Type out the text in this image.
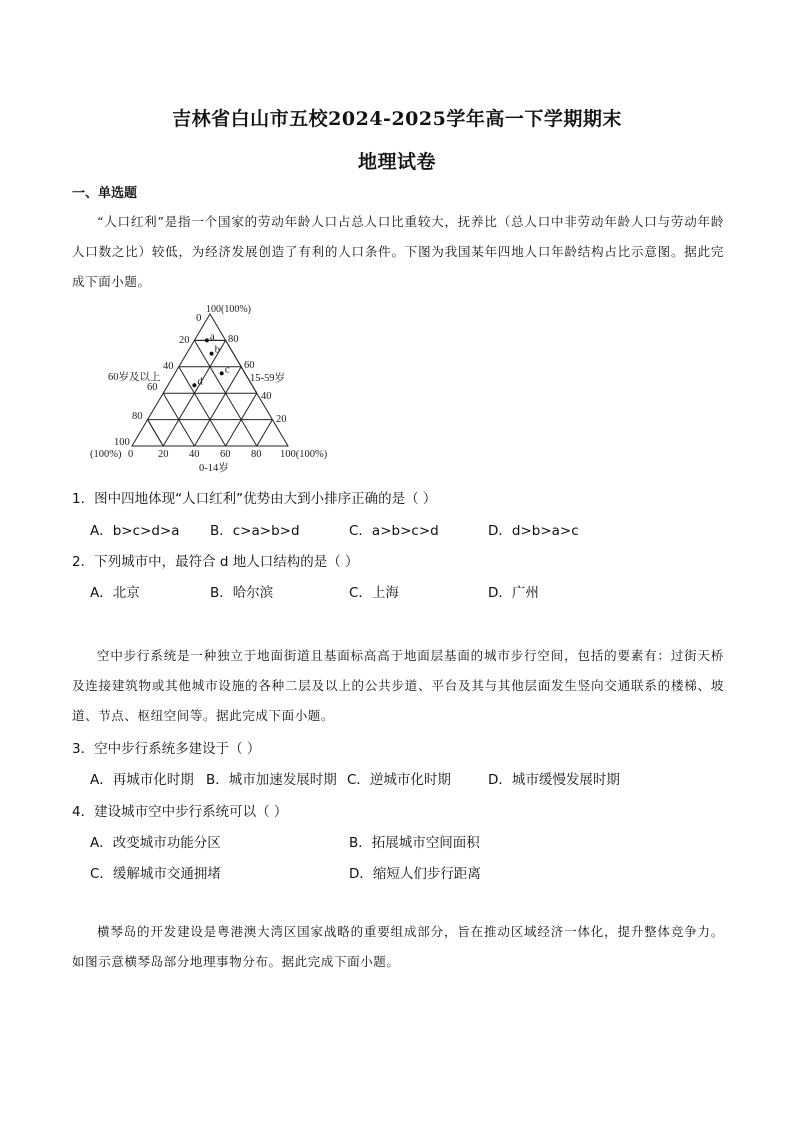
吉林省白山市五校2024-2025学年高一下学期期末
地理试卷
一、单选题
“人口红利”是指一个国家的劳动年龄人口占总人口比重较大，抚养比（总人口中非劳动年龄人口与劳动年龄人口数之比）较低，为经济发展创造了有利的人口条件。下图为我国某年四地人口年龄结构占比示意图。据此完成下面小题。
0
100(100%)
20
40
60
80
60岁及以上
80
60
40
20
15-59岁
100
(100%) 0 20 40 60 80 100(100%)
0-14岁
a
b
c
d
1．图中四地体现“人口红利”优势由大到小排序正确的是（ ）
A．b>c>d>a B．c>a>b>d	C．a>b>c>d	D．d>b>a>c
2．下列城市中，最符合 d 地人口结构的是（ ）
A．北京	B．哈尔滨	C．上海	D．广州
空中步行系统是一种独立于地面街道且基面标高高于地面层基面的城市步行空间，包括的要素有：过街天桥及连接建筑物或其他城市设施的各种二层及以上的公共步道、平台及其与其他层面发生竖向交通联系的楼梯、坡道、节点、枢纽空间等。据此完成下面小题。
3．空中步行系统多建设于（ ）
A．再城市化时期 B．城市加速发展时期 C．逆城市化时期	D．城市缓慢发展时期
4．建设城市空中步行系统可以（ ）
A．改变城市功能分区	B．拓展城市空间面积
C．缓解城市交通拥堵	D．缩短人们步行距离
横琴岛的开发建设是粤港澳大湾区国家战略的重要组成部分，旨在推动区域经济一体化，提升整体竞争力。如图示意横琴岛部分地理事物分布。据此完成下面小题。
